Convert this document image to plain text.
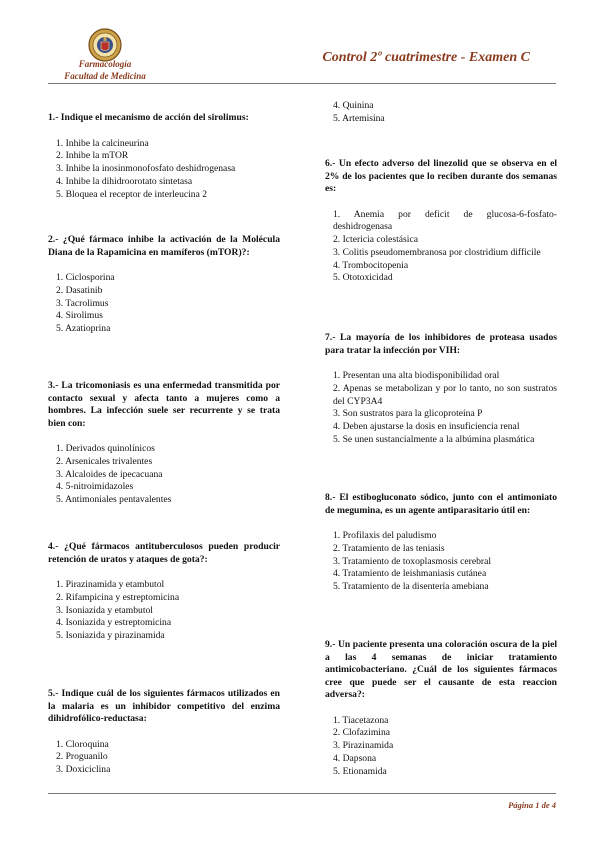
Farmacología
Facultad de Medicina
Control 2º cuatrimestre - Examen C

1.- Indique el mecanismo de acción del sirolimus:

1. Inhibe la calcineurina
2. Inhibe la mTOR
3. Inhibe la inosinmonofosfato deshidrogenasa
4. Inhibe la dihidroorotato sintetasa
5. Bloquea el receptor de interleucina 2

2.- ¿Qué fármaco inhibe la activación de la Molécula Diana de la Rapamicina en mamíferos (mTOR)?:

1. Ciclosporina
2. Dasatinib
3. Tacrolimus
4. Sirolimus
5. Azatioprina

3.- La tricomoniasis es una enfermedad transmitida por contacto sexual y afecta tanto a mujeres como a hombres. La infección suele ser recurrente y se trata bien con:

1. Derivados quinolínicos
2. Arsenicales trivalentes
3. Alcaloides de ipecacuana
4. 5-nitroimidazoles
5. Antimoniales pentavalentes

4.- ¿Qué fármacos antituberculosos pueden producir retención de uratos y ataques de gota?:

1. Pirazinamida y etambutol
2. Rifampicina y estreptomicina
3. Isoniazida y etambutol
4. Isoniazida y estreptomicina
5. Isoniazida y pirazinamida

5.- Indique cuál de los siguientes fármacos utilizados en la malaria es un inhibidor competitivo del enzima dihidrofólico-reductasa:

1. Cloroquina
2. Proguanilo
3. Doxiciclina
4. Quinina
5. Artemisina

6.- Un efecto adverso del linezolid que se observa en el 2% de los pacientes que lo reciben durante dos semanas es:

1. Anemia por deficit de glucosa-6-fosfato-deshidrogenasa
2. Ictericia colestásica
3. Colitis pseudomembranosa por clostridium difficile
4. Trombocitopenia
5. Ototoxicidad

7.- La mayoría de los inhibidores de proteasa usados para tratar la infección por VIH:

1. Presentan una alta biodisponibilidad oral
2. Apenas se metabolizan y por lo tanto, no son sustratos del CYP3A4
3. Son sustratos para la glicoproteína P
4. Deben ajustarse la dosis en insuficiencia renal
5. Se unen sustancialmente a la albúmina plasmática

8.- El estibogluconato sódico, junto con el antimoniato de megumina, es un agente antiparasitario útil en:

1. Profilaxis del paludismo
2. Tratamiento de las teniasis
3. Tratamiento de toxoplasmosis cerebral
4. Tratamiento de leishmaniasis cutánea
5. Tratamiento de la disentería amebiana

9.- Un paciente presenta una coloración oscura de la piel a las 4 semanas de iniciar tratamiento antimicobacteriano. ¿Cuál de los siguientes fármacos cree que puede ser el causante de esta reaccion adversa?:

1. Tiacetazona
2. Clofazimina
3. Pirazinamida
4. Dapsona
5. Etionamida
Página 1 de 4
